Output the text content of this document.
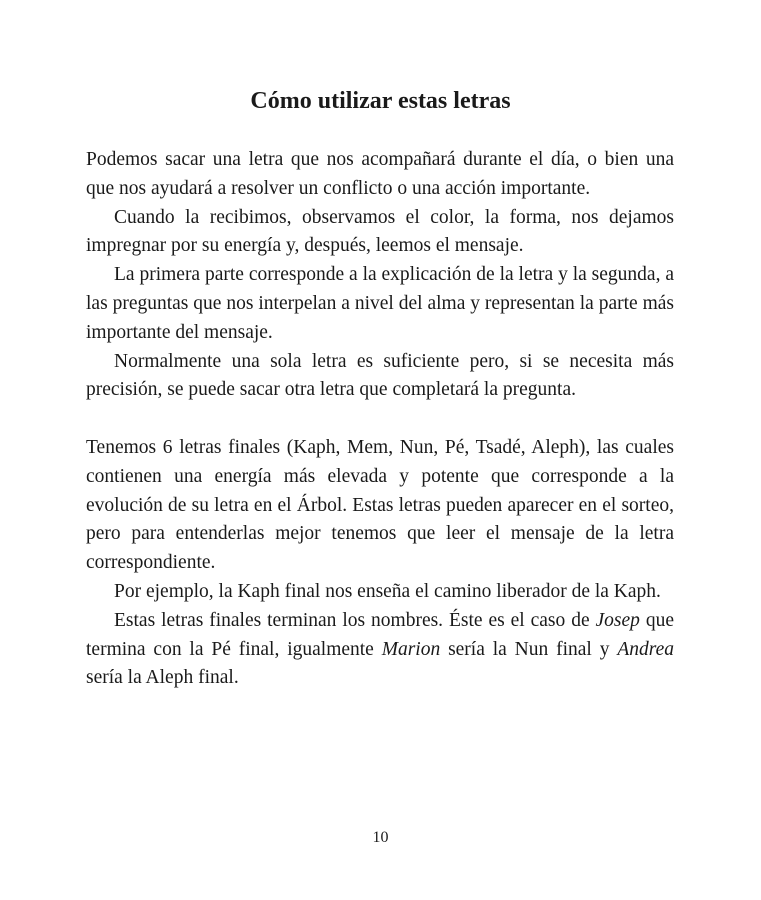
Cómo utilizar estas letras

Podemos sacar una letra que nos acompañará durante el día, o bien una que nos ayudará a resolver un conflicto o una acción importante.

Cuando la recibimos, observamos el color, la forma, nos dejamos impregnar por su energía y, después, leemos el mensaje.

La primera parte corresponde a la explicación de la letra y la segunda, a las preguntas que nos interpelan a nivel del alma y representan la parte más importante del mensaje.

Normalmente una sola letra es suficiente pero, si se necesita más precisión, se puede sacar otra letra que completará la pregunta.

Tenemos 6 letras finales (Kaph, Mem, Nun, Pé, Tsadé, Aleph), las cuales contienen una energía más elevada y potente que corresponde a la evolución de su letra en el Árbol. Estas letras pueden aparecer en el sorteo, pero para entenderlas mejor tenemos que leer el mensaje de la letra correspondiente.

Por ejemplo, la Kaph final nos enseña el camino liberador de la Kaph.

Estas letras finales terminan los nombres. Éste es el caso de Josep que termina con la Pé final, igualmente Marion sería la Nun final y Andrea sería la Aleph final.

10
